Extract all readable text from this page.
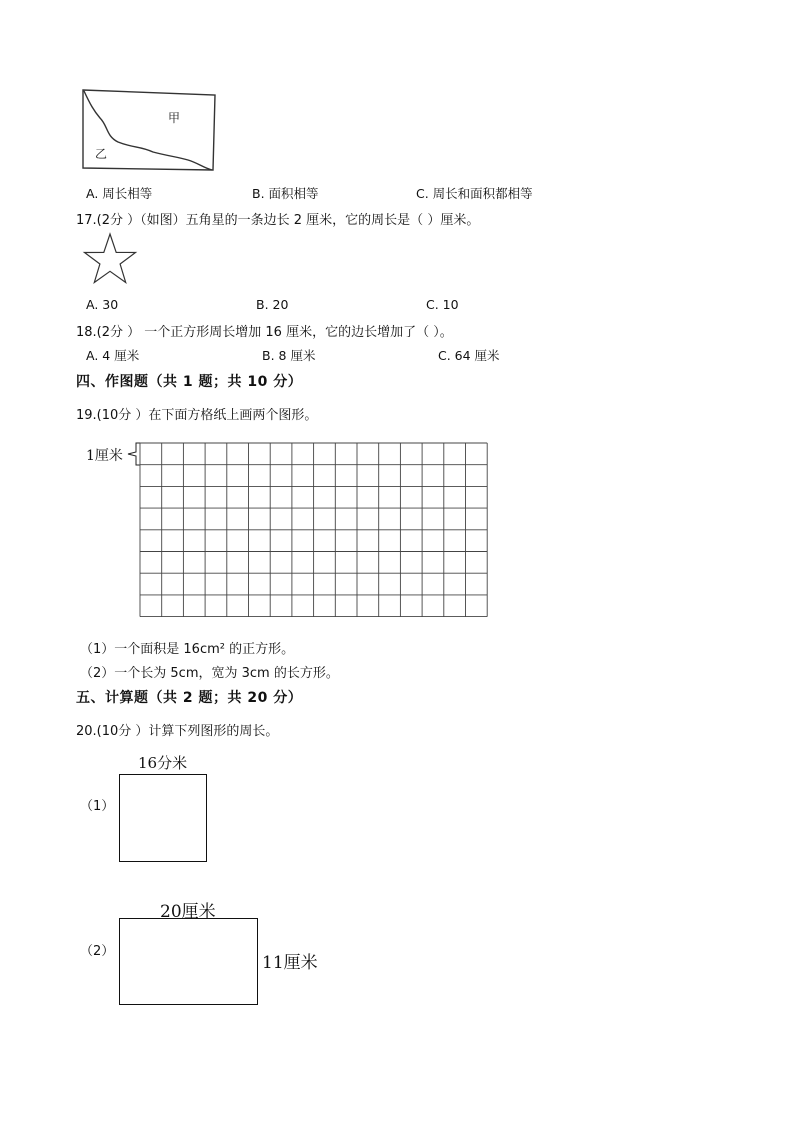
甲
乙
A. 周长相等	B. 面积相等	C. 周长和面积都相等
17.(2分 ）（如图）五角星的一条边长 2 厘米，它的周长是（ ）厘米。
A. 30	B. 20	C. 10
18.(2分 ） 一个正方形周长增加 16 厘米，它的边长增加了（ ）。
A. 4 厘米	B. 8 厘米	C. 64 厘米
四、作图题（共 1 题；共 10 分）
19.(10分 ）在下面方格纸上画两个图形。
1厘米
（1）一个面积是 16cm² 的正方形。
（2）一个长为 5cm，宽为 3cm 的长方形。
五、计算题（共 2 题；共 20 分）
20.(10分 ）计算下列图形的周长。
16分米
（1）
20厘米
（2）
11厘米
